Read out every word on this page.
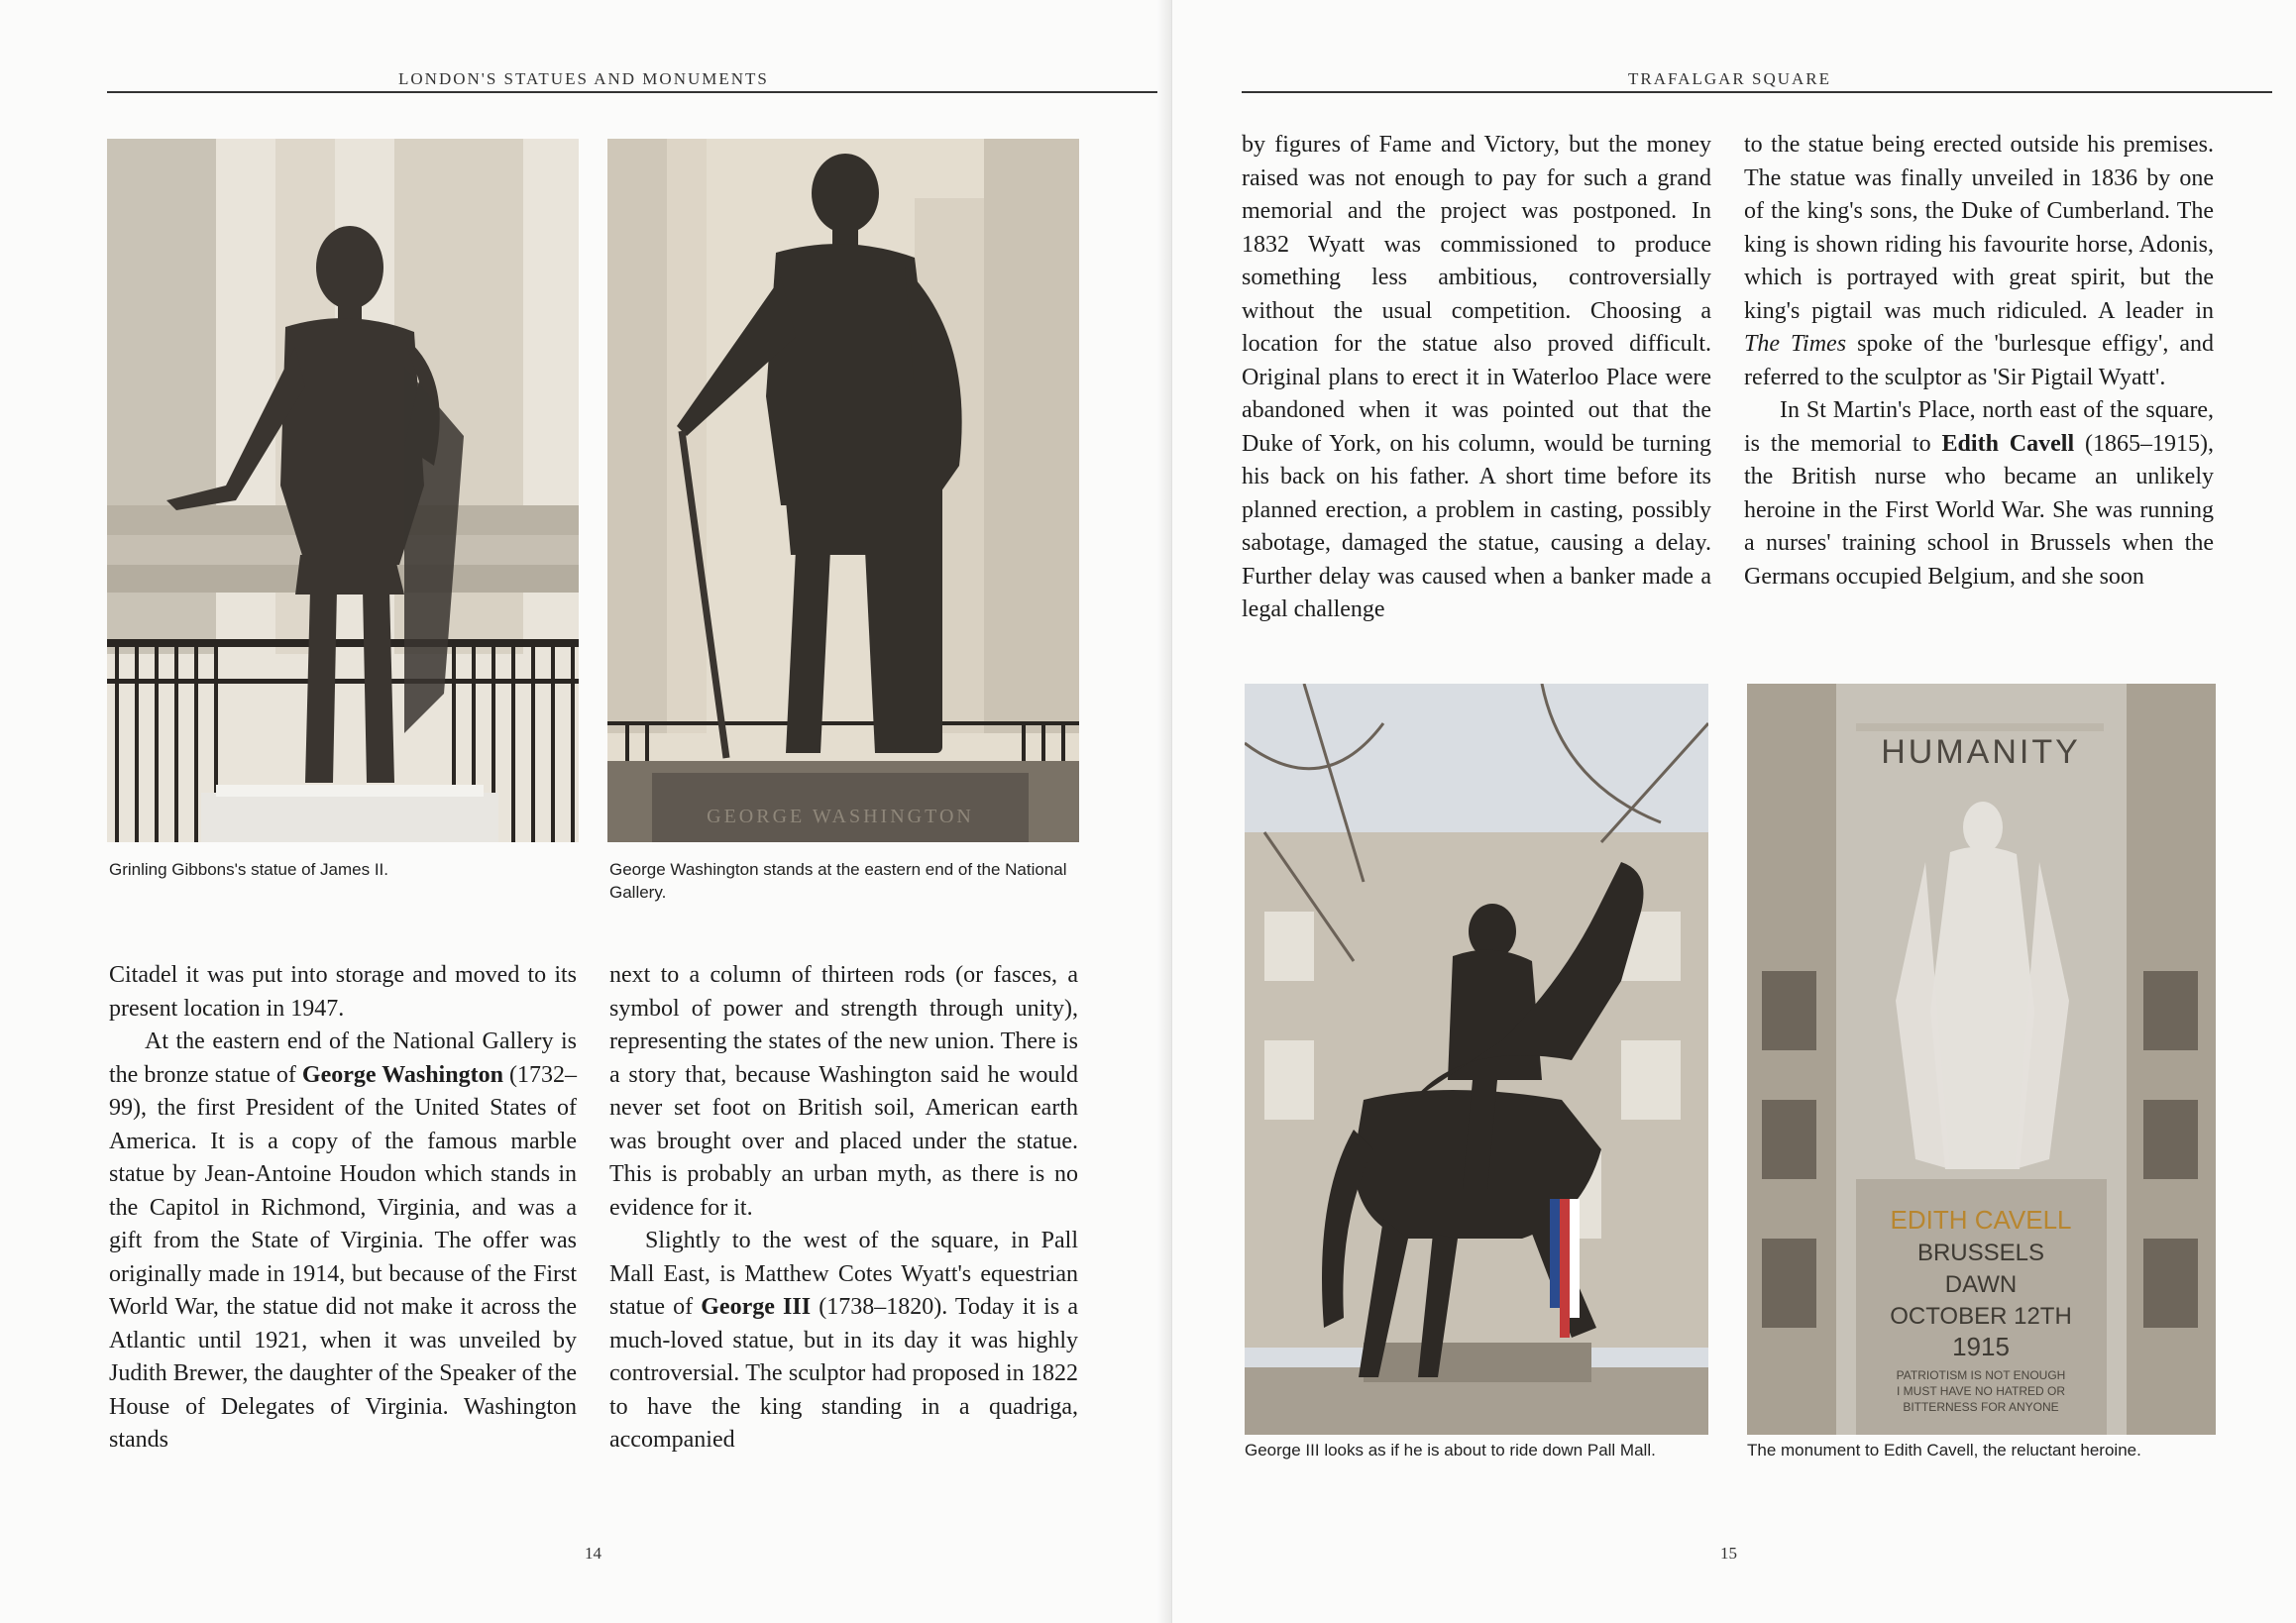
LONDON'S STATUES AND MONUMENTS
Grinling Gibbons's statue of James II.
GEORGE WASHINGTON
George Washington stands at the eastern end of the National Gallery.

Citadel it was put into storage and moved to its present location in 1947.

At the eastern end of the National Gallery is the bronze statue of George Washington (1732–99), the first President of the United States of America. It is a copy of the famous marble statue by Jean-Antoine Houdon which stands in the Capitol in Richmond, Virginia, and was a gift from the State of Virginia. The offer was originally made in 1914, but because of the First World War, the statue did not make it across the Atlantic until 1921, when it was unveiled by Judith Brewer, the daughter of the Speaker of the House of Delegates of Virginia. Washington stands

next to a column of thirteen rods (or fasces, a symbol of power and strength through unity), representing the states of the new union. There is a story that, because Washington said he would never set foot on British soil, American earth was brought over and placed under the statue. This is probably an urban myth, as there is no evidence for it.

Slightly to the west of the square, in Pall Mall East, is Matthew Cotes Wyatt's equestrian statue of George III (1738–1820). Today it is a much-loved statue, but in its day it was highly controversial. The sculptor had proposed in 1822 to have the king standing in a quadriga, accompanied

14
TRAFALGAR SQUARE

by figures of Fame and Victory, but the money raised was not enough to pay for such a grand memorial and the project was postponed. In 1832 Wyatt was commissioned to produce something less ambitious, controversially without the usual competition. Choosing a location for the statue also proved difficult. Original plans to erect it in Waterloo Place were abandoned when it was pointed out that the Duke of York, on his column, would be turning his back on his father. A short time before its planned erection, a problem in casting, possibly sabotage, damaged the statue, causing a delay. Further delay was caused when a banker made a legal challenge

to the statue being erected outside his premises. The statue was finally unveiled in 1836 by one of the king's sons, the Duke of Cumberland. The king is shown riding his favourite horse, Adonis, which is portrayed with great spirit, but the king's pigtail was much ridiculed. A leader in The Times spoke of the 'burlesque effigy', and referred to the sculptor as 'Sir Pigtail Wyatt'.

In St Martin's Place, north east of the square, is the memorial to Edith Cavell (1865–1915), the British nurse who became an unlikely heroine in the First World War. She was running a nurses' training school in Brussels when the Germans occupied Belgium, and she soon

George III looks as if he is about to ride down Pall Mall.
HUMANITY
EDITH CAVELL
BRUSSELS
DAWN
OCTOBER 12TH
1915
PATRIOTISM IS NOT ENOUGH
I MUST HAVE NO HATRED OR
BITTERNESS FOR ANYONE
The monument to Edith Cavell, the reluctant heroine.
15
